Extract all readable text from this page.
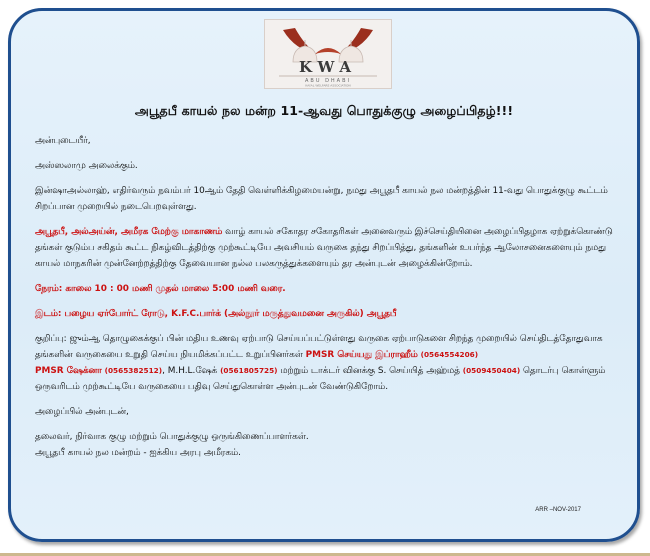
KWA
ABU DHABI
KAYAL WELFARE ASSOCIATION
அபூதபீ காயல் நல மன்ற 11-ஆவது பொதுக்குழு அழைப்பிதழ்!!!

அன்புடையீர்,

அஸ்ஸலாமு அலைக்கும்.

இன்ஷாஅல்லாஹ், எதிர்வரும் நவம்பர் 10ஆம் தேதி வெள்ளிக்கிழமையன்று, நமது அபூதபீ காயல் நல மன்றத்தின் 11-வது பொதுக்குழு கூட்டம் சிறப்பான முறையில் நடைபெறவுள்ளது.

அபூதபீ, அல்அய்ன், அமீரக மேற்கு மாகாணம் வாழ் காயல் சகோதர சகோதரிகள் அனைவரும் இச்செய்தியினை அழைப்பிதழாக ஏற்றுக்கொண்டு தங்கள் குடும்ப சகிதம் கூட்ட நிகழ்விடத்திற்கு முற்கூட்டியே அவசியம் வருகை தந்து சிறப்பித்து, தங்களின் உயர்ந்த ஆலோசனைகளையும் நமது காயல் மாநகரின் முன்னேற்றத்திற்கு தேவையான நல்ல பலகருத்துக்களையும் தர அன்புடன் அழைக்கின்றோம்.

நேரம்: காலை 10 : 00 மணி முதல் மாலை 5:00 மணி வரை.

இடம்: பழைய ஏர்போர்ட் ரோடு, K.F.C.பார்க் (அல்நூர் மருத்துவமனை அருகில்) அபூதபீ

குறிப்பு: ஜும்ஆ தொழுகைக்குப் பின் மதிய உணவு ஏற்பாடு செய்யப்பட்டுள்ளது வருகை ஏற்பாடுகளை சிறந்த முறையில் செய்திடத்தோதுவாக தங்களின் வருகையை உறுதி செய்ய நியமிக்கப்பட்ட உறுப்பினர்கள் PMSR செய்யது இப்ராஹீம் (0564554206)
PMSR ஷேக்னா (0565382512), M.H.L.ஷேக் (0561805725) மற்றும் டாக்டர் வினக்கு S. செய்யித் அஹ்மத் (0509450404) தொடர்பு கொள்ளும் ஒருவரிடம் முற்கூட்டியே வருகையை பதிவு செய்துகொள்ள அன்புடன் வேண்டுகிறோம்.

அழைப்பில் அன்புடன்,

தலைவர், நிர்வாக குழு மற்றும் பொதுக்குழு ஒருங்கிணைப்பாளர்கள்.

அபூதபீ காயல் நல மன்றம் - ஐக்கிய அரபு அமீரகம்.

ARR –NOV-2017
